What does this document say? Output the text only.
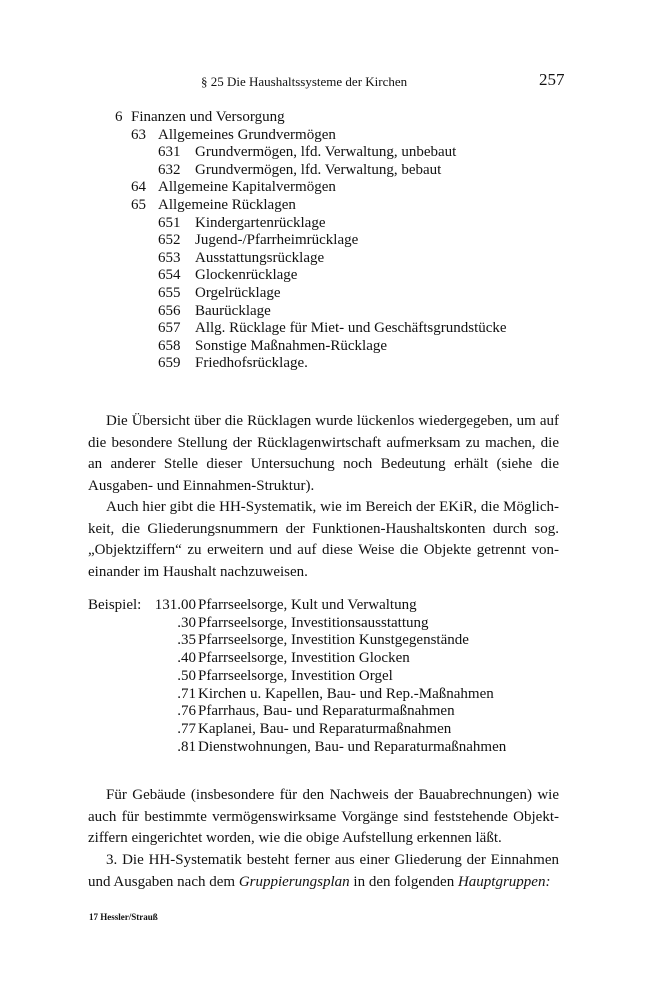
§ 25 Die Haushaltssysteme der Kirchen	257
6 Finanzen und Versorgung
63 Allgemeines Grundvermögen
631 Grundvermögen, lfd. Verwaltung, unbebaut
632 Grundvermögen, lfd. Verwaltung, bebaut
64 Allgemeine Kapitalvermögen
65 Allgemeine Rücklagen
651 Kindergartenrücklage
652 Jugend-/Pfarrheimrücklage
653 Ausstattungsrücklage
654 Glockenrücklage
655 Orgelrücklage
656 Baurücklage
657 Allg. Rücklage für Miet- und Geschäftsgrundstücke
658 Sonstige Maßnahmen-Rücklage
659 Friedhofsrücklage.
Die Übersicht über die Rücklagen wurde lückenlos wiedergegeben, um auf
die besondere Stellung der Rücklagenwirtschaft aufmerksam zu machen, die
an anderer Stelle dieser Untersuchung noch Bedeutung erhält (siehe die
Ausgaben- und Einnahmen-Struktur).
Auch hier gibt die HH-Systematik, wie im Bereich der EKiR, die Möglich-
keit, die Gliederungsnummern der Funktionen-Haushaltskonten durch sog.
„Objektziffern“ zu erweitern und auf diese Weise die Objekte getrennt von-
einander im Haushalt nachzuweisen.
Beispiel: 131.00 Pfarrseelsorge, Kult und Verwaltung
.30 Pfarrseelsorge, Investitionsausstattung
.35 Pfarrseelsorge, Investition Kunstgegenstände
.40 Pfarrseelsorge, Investition Glocken
.50 Pfarrseelsorge, Investition Orgel
.71 Kirchen u. Kapellen, Bau- und Rep.-Maßnahmen
.76 Pfarrhaus, Bau- und Reparaturmaßnahmen
.77 Kaplanei, Bau- und Reparaturmaßnahmen
.81 Dienstwohnungen, Bau- und Reparaturmaßnahmen
Für Gebäude (insbesondere für den Nachweis der Bauabrechnungen) wie
auch für bestimmte vermögenswirksame Vorgänge sind feststehende Objekt-
ziffern eingerichtet worden, wie die obige Aufstellung erkennen läßt.
3. Die HH-Systematik besteht ferner aus einer Gliederung der Einnahmen
und Ausgaben nach dem Gruppierungsplan in den folgenden Hauptgruppen:
17 Hessler/Strauß
